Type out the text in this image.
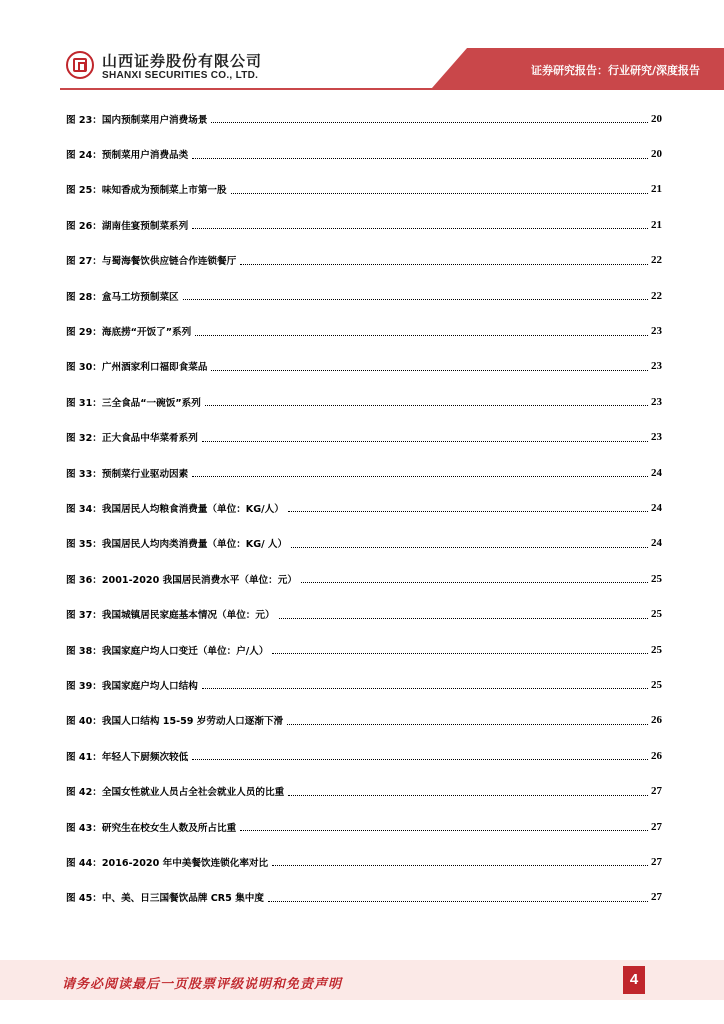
山西证券股份有限公司
SHANXI SECURITIES CO., LTD.	证券研究报告：行业研究/深度报告
图 23：国内预制菜用户消费场景	20
图 24：预制菜用户消费品类	20
图 25：味知香成为预制菜上市第一股	21
图 26：湖南佳宴预制菜系列	21
图 27：与蜀海餐饮供应链合作连锁餐厅	22
图 28：盒马工坊预制菜区	22
图 29：海底捞“开饭了”系列	23
图 30：广州酒家利口福即食菜品	23
图 31：三全食品“一碗饭”系列	23
图 32：正大食品中华菜肴系列	23
图 33：预制菜行业驱动因素	24
图 34：我国居民人均粮食消费量（单位：KG/人）	24
图 35：我国居民人均肉类消费量（单位：KG/ 人）	24
图 36：2001-2020 我国居民消费水平（单位：元）	25
图 37：我国城镇居民家庭基本情况（单位：元）	25
图 38：我国家庭户均人口变迁（单位：户/人）	25
图 39：我国家庭户均人口结构	25
图 40：我国人口结构 15-59 岁劳动人口逐渐下滑	26
图 41：年轻人下厨频次较低	26
图 42：全国女性就业人员占全社会就业人员的比重	27
图 43：研究生在校女生人数及所占比重	27
图 44：2016-2020 年中美餐饮连锁化率对比	27
图 45：中、美、日三国餐饮品牌 CR5 集中度	27
请务必阅读最后一页股票评级说明和免责声明	4
